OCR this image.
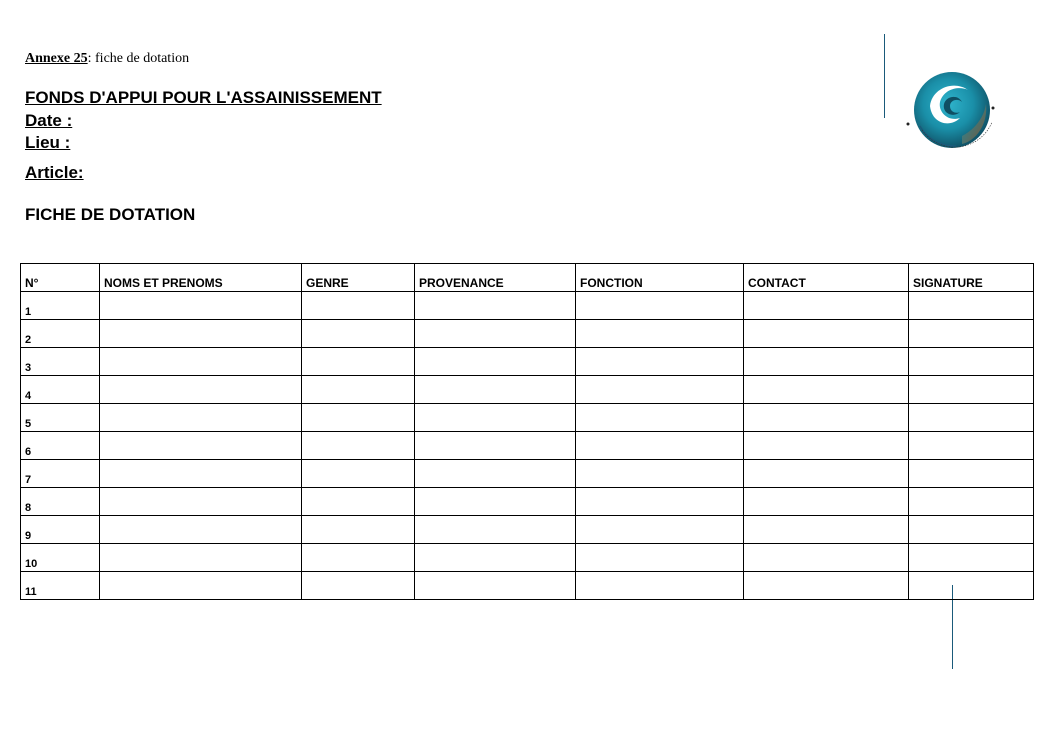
Annexe 25: fiche de dotation
FONDS D'APPUI POUR L'ASSAINISSEMENT
Date :
Lieu :
Article:
FICHE DE DOTATION
N°	NOMS ET PRENOMS	GENRE	PROVENANCE	FONCTION	CONTACT	SIGNATURE
1						
2						
3						
4						
5						
6						
7						
8						
9						
10						
11						
